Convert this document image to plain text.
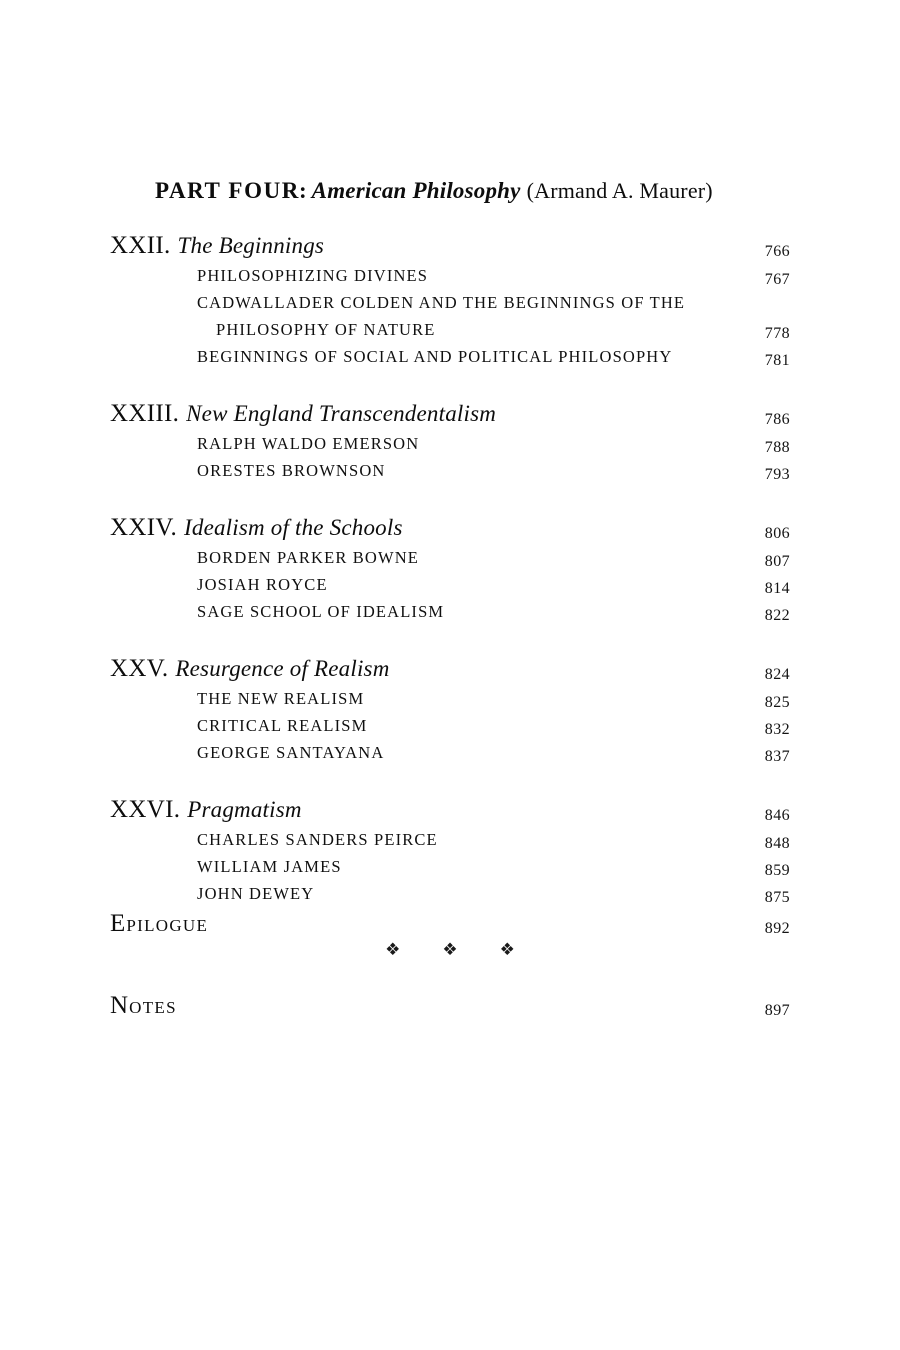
PART FOUR: American Philosophy (Armand A. Maurer)
XXII. The Beginnings	766
PHILOSOPHIZING DIVINES	767
CADWALLADER COLDEN AND THE BEGINNINGS OF THE
PHILOSOPHY OF NATURE	778
BEGINNINGS OF SOCIAL AND POLITICAL PHILOSOPHY	781
XXIII. New England Transcendentalism	786
RALPH WALDO EMERSON	788
ORESTES BROWNSON	793
XXIV. Idealism of the Schools	806
BORDEN PARKER BOWNE	807
JOSIAH ROYCE	814
SAGE SCHOOL OF IDEALISM	822
XXV. Resurgence of Realism	824
THE NEW REALISM	825
CRITICAL REALISM	832
GEORGE SANTAYANA	837
XXVI. Pragmatism	846
CHARLES SANDERS PEIRCE	848
WILLIAM JAMES	859
JOHN DEWEY	875
EPILOGUE	892
❖ ❖ ❖
NOTES	897
